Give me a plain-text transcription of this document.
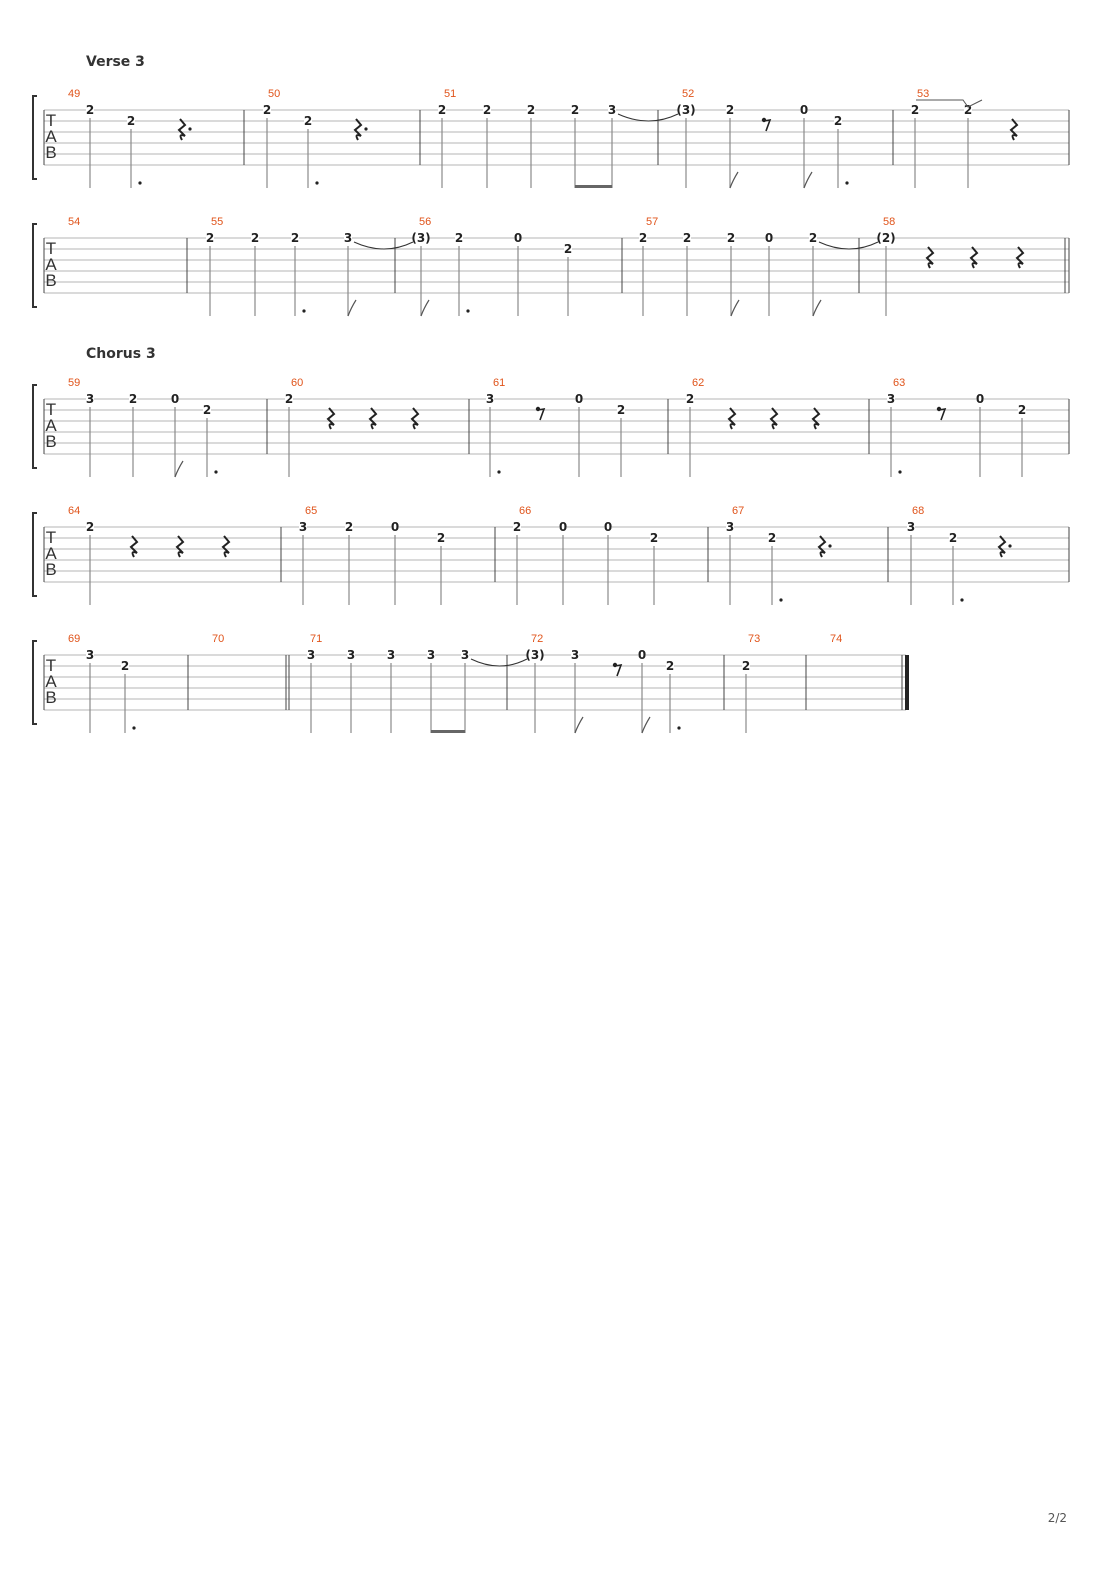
Verse 3
Chorus 3
T
A
B
49
2
2
50
2
2
51
2	2	2	2 3
52
(3)	2	0
2
53
2	2
T
A
B
54	55
2	2	2	3
56
(3) 2	0
2
57
2	2	2 0	2
58
(2)
T
A
B
59
3	2	0
2
60
2
61
3	0
2
62
2
63
3	0
2
T
A
B
64
2
65
3	2	0
2
66
2	0	0
2
67
3
2
68
3
2
T
A
B
69
3
2
70	71
3	3	3	3 3
72
(3) 3	0
2
73
2
74
2/2
